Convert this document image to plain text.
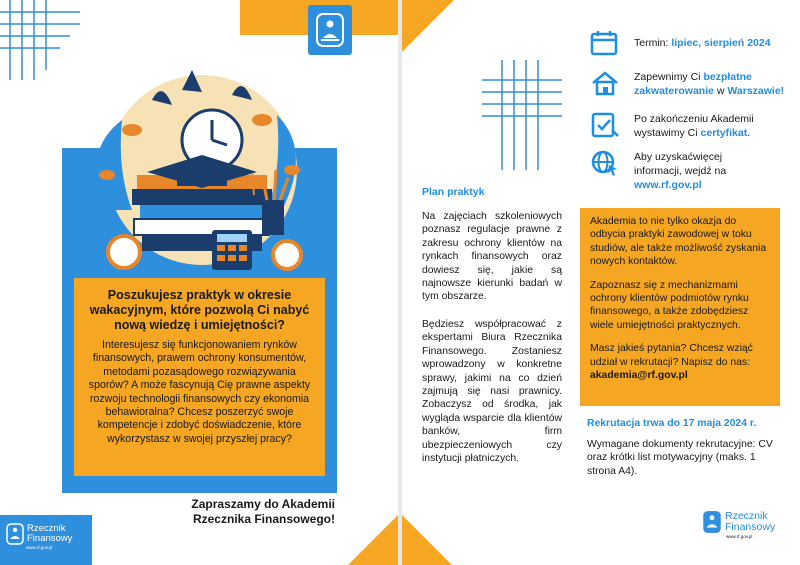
Poszukujesz praktyk w okresie wakacyjnym, które pozwolą Ci nabyć nową wiedzę i umiejętności?
Interesujesz się funkcjonowaniem rynków finansowych, prawem ochrony konsumentów, metodami pozasądowego rozwiązywania sporów? A może fascynują Cię prawne aspekty rozwoju technologii finansowych czy ekonomia behawioralna? Chcesz poszerzyć swoje kompetencje i zdobyć doświadczenie, które wykorzystasz w swojej przyszłej pracy?
Zapraszamy do Akademii
Rzecznika Finansowego!
Rzecznik
Finansowy
www.rf.gov.pl
Termin: lipiec, sierpień 2024
Zapewnimy Ci bezpłatne zakwaterowanie w Warszawie!
Po zakończeniu Akademii wystawimy Ci certyfikat.
Aby uzyskaćwięcej informacji, wejdź na www.rf.gov.pl
Plan praktyk
Na zajęciach szkoleniowych poznasz regulacje prawne z zakresu ochrony klientów na rynkach finansowych oraz dowiesz się, jakie są najnowsze kierunki badań w tym obszarze.
Będziesz współpracować z ekspertami Biura Rzecznika Finansowego. Zostaniesz wprowadzony w konkretne sprawy, jakimi na co dzień zajmują się nasi prawnicy. Zobaczysz od środka, jak wygląda wsparcie dla klientów banków, firm ubezpieczeniowych czy instytucji płatniczych.

Akademia to nie tylko okazja do odbycia praktyki zawodowej w toku studiów, ale także możliwość zyskania nowych kontaktów.

Zapoznasz się z mechanizmami ochrony klientów podmiotów rynku finansowego, a także zdobędziesz wiele umiejętności praktycznych.

Masz jakieś pytania? Chcesz wziąć udział w rekrutacji? Napisz do nas:

akademia@rf.gov.pl

Rekrutacja trwa do 17 maja 2024 r.
Wymagane dokumenty rekrutacyjne: CV oraz krótki list motywacyjny (maks. 1 strona A4).
Rzecznik
Finansowy
www.rf.gov.pl
